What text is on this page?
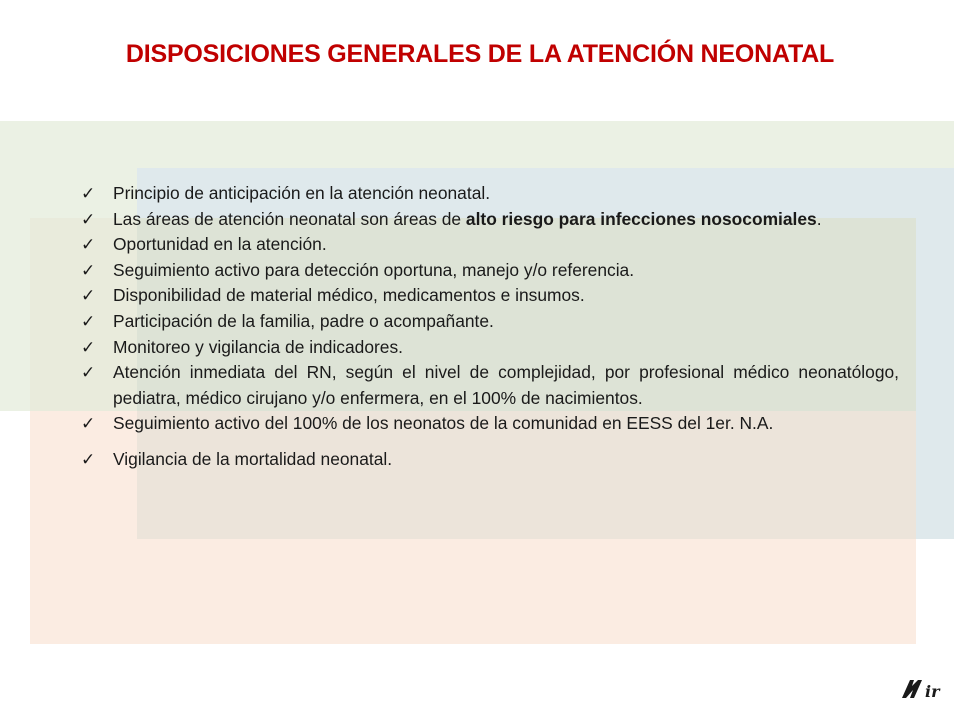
DISPOSICIONES GENERALES DE LA ATENCIÓN NEONATAL
✓	Principio de anticipación en la atención neonatal.
✓	Las áreas de atención neonatal son áreas de alto riesgo para infecciones nosocomiales.
✓	Oportunidad en la atención.
✓	Seguimiento activo para detección oportuna, manejo y/o referencia.
✓	Disponibilidad de material médico, medicamentos e insumos.
✓	Participación de la familia, padre o acompañante.
✓	Monitoreo y vigilancia de indicadores.
✓	Atención inmediata del RN, según el nivel de complejidad, por profesional médico neonatólogo, pediatra, médico cirujano y/o enfermera, en el 100% de nacimientos.
✓	Seguimiento activo del 100% de los neonatos de la comunidad en EESS del 1er. N.A.
✓	Vigilancia de la mortalidad neonatal.
ir
